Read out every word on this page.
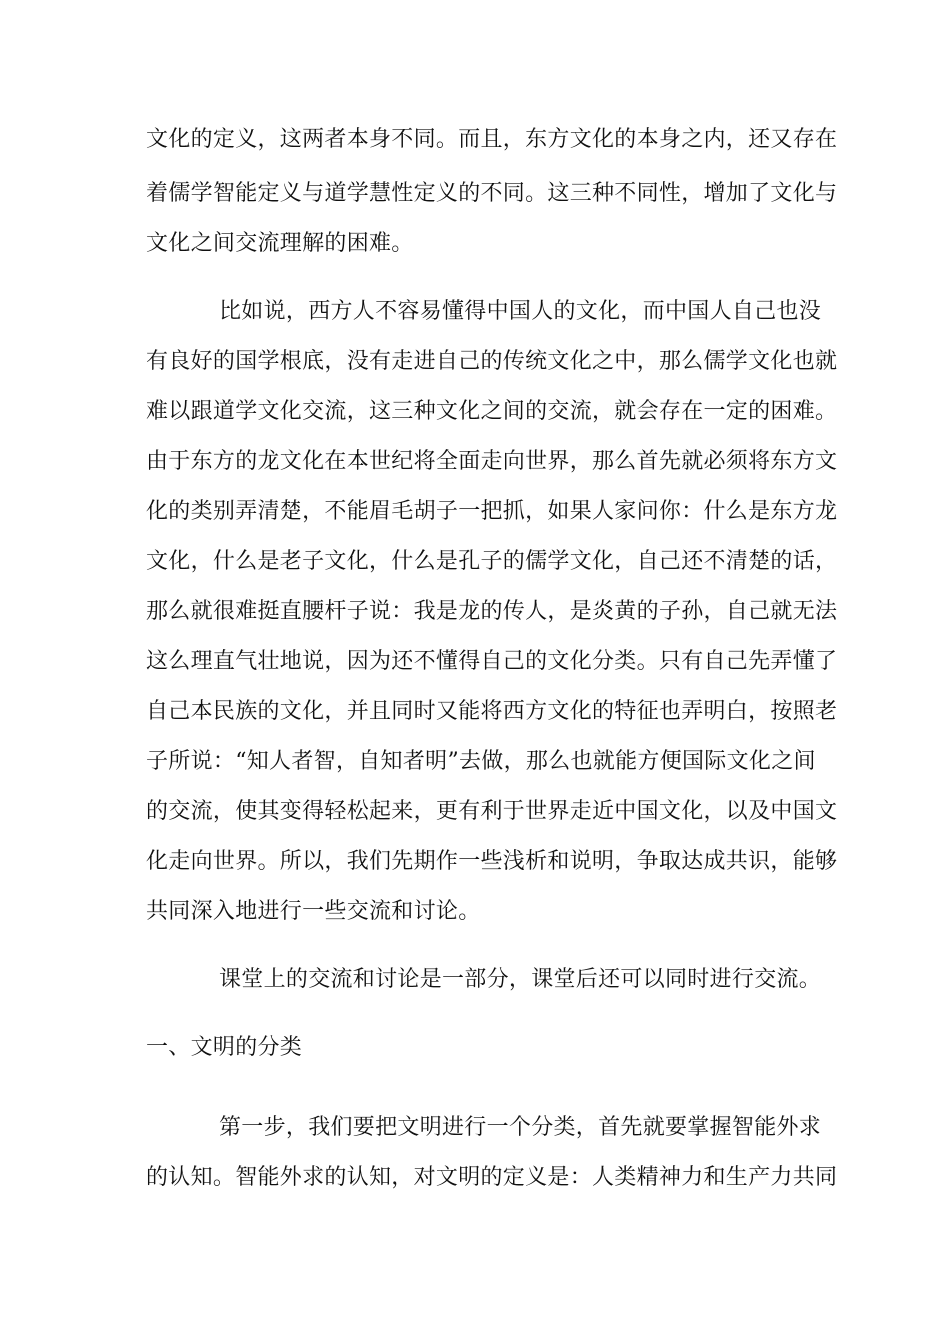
文化的定义，这两者本身不同。而且，东方文化的本身之内，还又存在
着儒学智能定义与道学慧性定义的不同。这三种不同性，增加了文化与
文化之间交流理解的困难。
比如说，西方人不容易懂得中国人的文化，而中国人自己也没
有良好的国学根底，没有走进自己的传统文化之中，那么儒学文化也就
难以跟道学文化交流，这三种文化之间的交流，就会存在一定的困难。
由于东方的龙文化在本世纪将全面走向世界，那么首先就必须将东方文
化的类别弄清楚，不能眉毛胡子一把抓，如果人家问你：什么是东方龙
文化，什么是老子文化，什么是孔子的儒学文化，自己还不清楚的话，
那么就很难挺直腰杆子说：我是龙的传人，是炎黄的子孙，自己就无法
这么理直气壮地说，因为还不懂得自己的文化分类。只有自己先弄懂了
自己本民族的文化，并且同时又能将西方文化的特征也弄明白，按照老
子所说：“知人者智，自知者明”去做，那么也就能方便国际文化之间
的交流，使其变得轻松起来，更有利于世界走近中国文化，以及中国文
化走向世界。所以，我们先期作一些浅析和说明，争取达成共识，能够
共同深入地进行一些交流和讨论。
课堂上的交流和讨论是一部分，课堂后还可以同时进行交流。
一、文明的分类
第一步，我们要把文明进行一个分类，首先就要掌握智能外求
的认知。智能外求的认知，对文明的定义是：人类精神力和生产力共同
